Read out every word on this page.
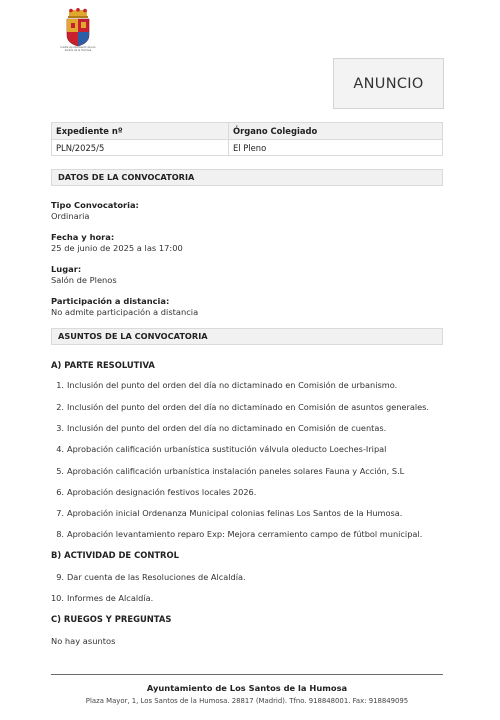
Ilustre Ayuntamiento de Los Santos de la Humosa
ANUNCIO
Expediente nº	Órgano Colegiado
PLN/2025/5	El Pleno
DATOS DE LA CONVOCATORIA
Tipo Convocatoria:
Ordinaria
Fecha y hora:
25 de junio de 2025 a las 17:00
Lugar:
Salón de Plenos
Participación a distancia:
No admite participación a distancia
ASUNTOS DE LA CONVOCATORIA
A) PARTE RESOLUTIVA
1. Inclusión del punto del orden del día no dictaminado en Comisión de urbanismo.
2. Inclusión del punto del orden del día no dictaminado en Comisión de asuntos generales.
3. Inclusión del punto del orden del día no dictaminado en Comisión de cuentas.
4. Aprobación calificación urbanística sustitución válvula oleducto Loeches-Iripal
5. Aprobación calificación urbanística instalación paneles solares Fauna y Acción, S.L
6. Aprobación designación festivos locales 2026.
7. Aprobación inicial Ordenanza Municipal colonias felinas Los Santos de la Humosa.
8. Aprobación levantamiento reparo Exp: Mejora cerramiento campo de fútbol municipal.
B) ACTIVIDAD DE CONTROL
9. Dar cuenta de las Resoluciones de Alcaldía.
10. Informes de Alcaldía.
C) RUEGOS Y PREGUNTAS
No hay asuntos
Ayuntamiento de Los Santos de la Humosa
Plaza Mayor, 1, Los Santos de la Humosa. 28817 (Madrid). Tfno. 918848001. Fax: 918849095
